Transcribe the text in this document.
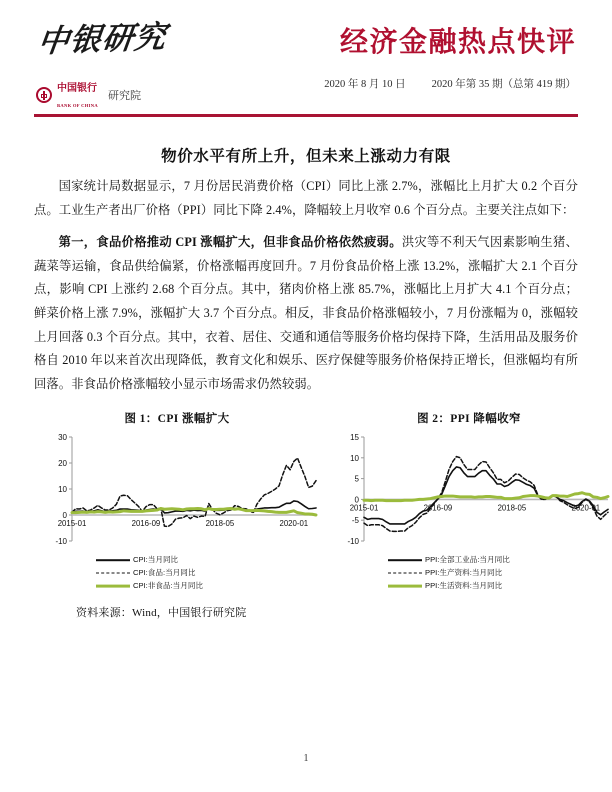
中银研究
中国银行
BANK OF CHINA
研究院
经济金融热点快评
2020 年 8 月 10 日 2020 年第 35 期（总第 419 期）
物价水平有所上升，但未来上涨动力有限

国家统计局数据显示，7 月份居民消费价格（CPI）同比上涨 2.7%，涨幅比上月扩大 0.2 个百分点。工业生产者出厂价格（PPI）同比下降 2.4%，降幅较上月收窄 0.6 个百分点。主要关注点如下：

第一，食品价格推动 CPI 涨幅扩大，但非食品价格依然疲弱。洪灾等不利天气因素影响生猪、蔬菜等运输，食品供给偏紧，价格涨幅再度回升。7 月份食品价格上涨 13.2%，涨幅扩大 2.1 个百分点，影响 CPI 上涨约 2.68 个百分点。其中，猪肉价格上涨 85.7%，涨幅比上月扩大 4.1 个百分点；鲜菜价格上涨 7.9%，涨幅扩大 3.7 个百分点。相反，非食品价格涨幅较小，7 月份涨幅为 0，涨幅较上月回落 0.3 个百分点。其中，衣着、居住、交通和通信等服务价格均保持下降，生活用品及服务价格自 2010 年以来首次出现降低，教育文化和娱乐、医疗保健等服务价格保持正增长，但涨幅均有所回落。非食品价格涨幅较小显示市场需求仍然较弱。

图 1：CPI 涨幅扩大
-10
0
10
20
30
2015-01	2016-09	2018-05	2020-01
CPI:当月同比
CPI:食品:当月同比
CPI:非食品:当月同比
图 2：PPI 降幅收窄
-10
-5
0
5
10
15
2015-01	2016-09	2018-05	2020-01
PPI:全部工业品:当月同比
PPI:生产资料:当月同比
PPI:生活资料:当月同比
资料来源：Wind，中国银行研究院
1
